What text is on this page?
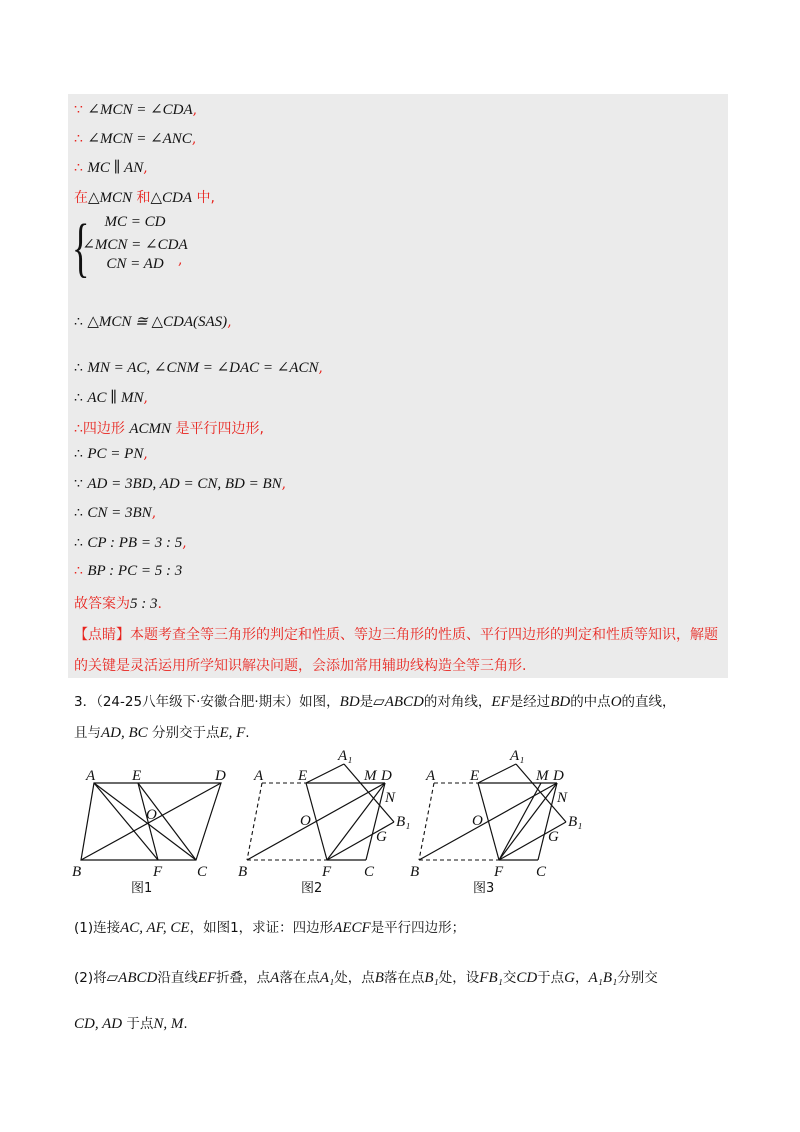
∵ ∠MCN = ∠CDA,
∴ ∠MCN = ∠ANC,
∴ MC ∥ AN,
在△MCN 和△CDA 中,
{	MC = CD
∠MCN = ∠CDA
CN = AD	,
∴ △MCN ≅ △CDA(SAS),
∴ MN = AC, ∠CNM = ∠DAC = ∠ACN,
∴ AC ∥ MN,
∴四边形 ACMN 是平行四边形,
∴ PC = PN,
∵ AD = 3BD, AD = CN, BD = BN,
∴ CN = 3BN,
∴ CP : PB = 3 : 5,
∴ BP : PC = 5 : 3
故答案为5 : 3.
【点睛】本题考查全等三角形的判定和性质、等边三角形的性质、平行四边形的判定和性质等知识，解题
的关键是灵活运用所学知识解决问题，会添加常用辅助线构造全等三角形.
3．（24-25八年级下·安徽合肥·期末）如图，BD是▱ABCD的对角线，EF是经过BD的中点O的直线，
且与AD, BC 分别交于点E, F.
A E	D
O
B	F C
图1
A E
A₁
M D
N
O	B₁
G
B	F C
图2
A E
A₁
M D
N
O	B₁
G
B	F C
图3
(1)连接AC, AF, CE，如图1，求证：四边形AECF是平行四边形；
(2)将▱ABCD沿直线EF折叠，点A落在点A₁处，点B落在点B₁处，设FB₁交CD于点G，A₁B₁分别交
CD, AD 于点N, M.
